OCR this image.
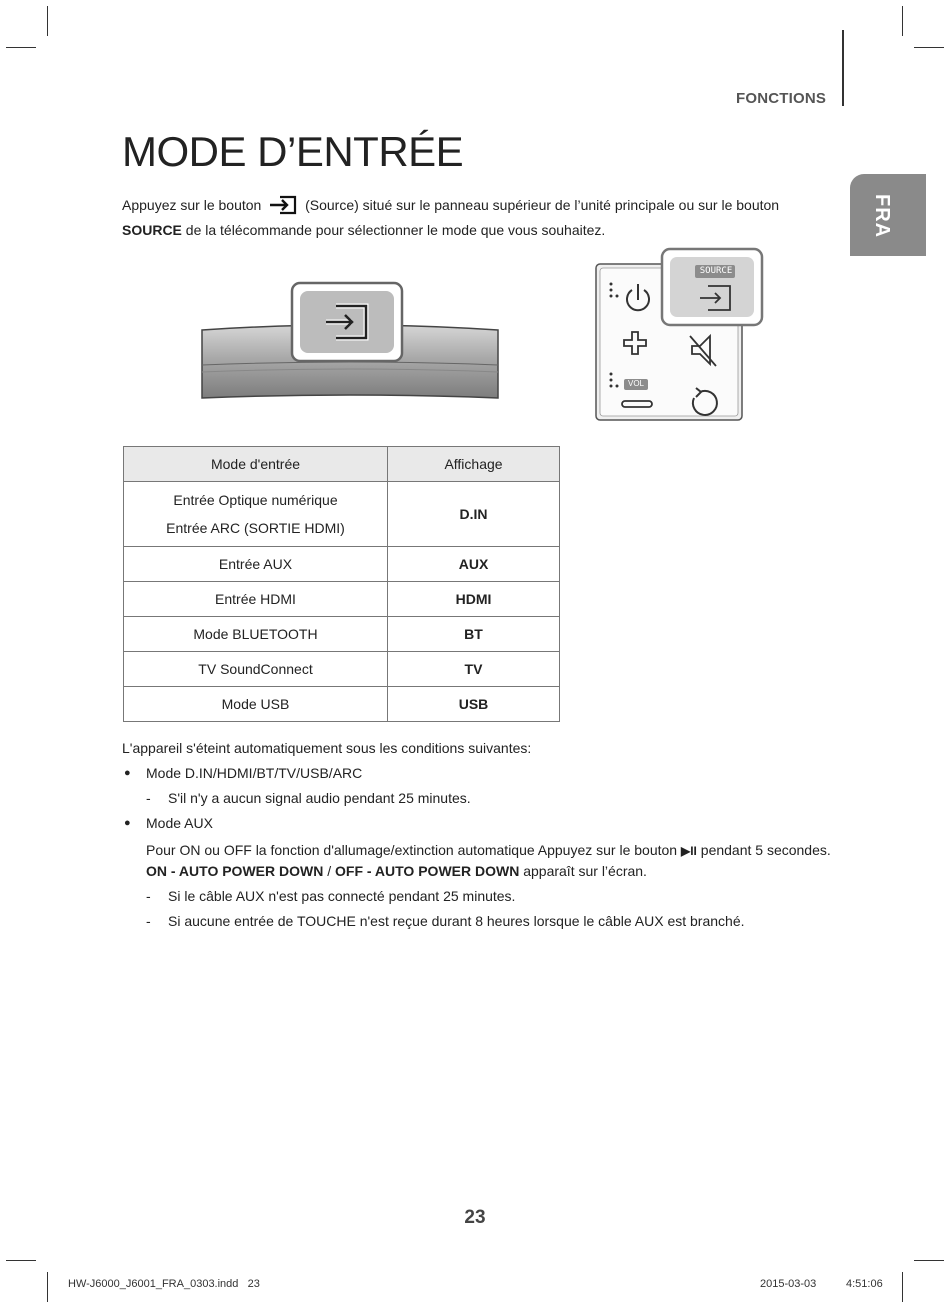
FONCTIONS
FRA
MODE D’ENTRÉE
Appuyez sur le bouton	(Source) situé sur le panneau supérieur de l’unité principale ou sur le bouton SOURCE de la télécommande pour sélectionner le mode que vous souhaitez.
SOURCE
VOL
Mode d'entrée	Affichage

Entrée Optique numérique
Entrée ARC (SORTIE HDMI)	D.IN
Entrée AUX	AUX
Entrée HDMI	HDMI
Mode BLUETOOTH	BT
TV SoundConnect	TV
Mode USB	USB

L'appareil s'éteint automatiquement sous les conditions suivantes:

● Mode D.IN/HDMI/BT/TV/USB/ARC
- S'il n'y a aucun signal audio pendant 25 minutes.
● Mode AUX
Pour ON ou OFF la fonction d'allumage/extinction automatique Appuyez sur le bouton ▶II pendant 5 secondes.
ON - AUTO POWER DOWN / OFF - AUTO POWER DOWN apparaît sur l’écran.
- Si le câble AUX n'est pas connecté pendant 25 minutes.
- Si aucune entrée de TOUCHE n'est reçue durant 8 heures lorsque le câble AUX est branché.
23
HW-J6000_J6001_FRA_0303.indd   23	2015-03-03	4:51:06
